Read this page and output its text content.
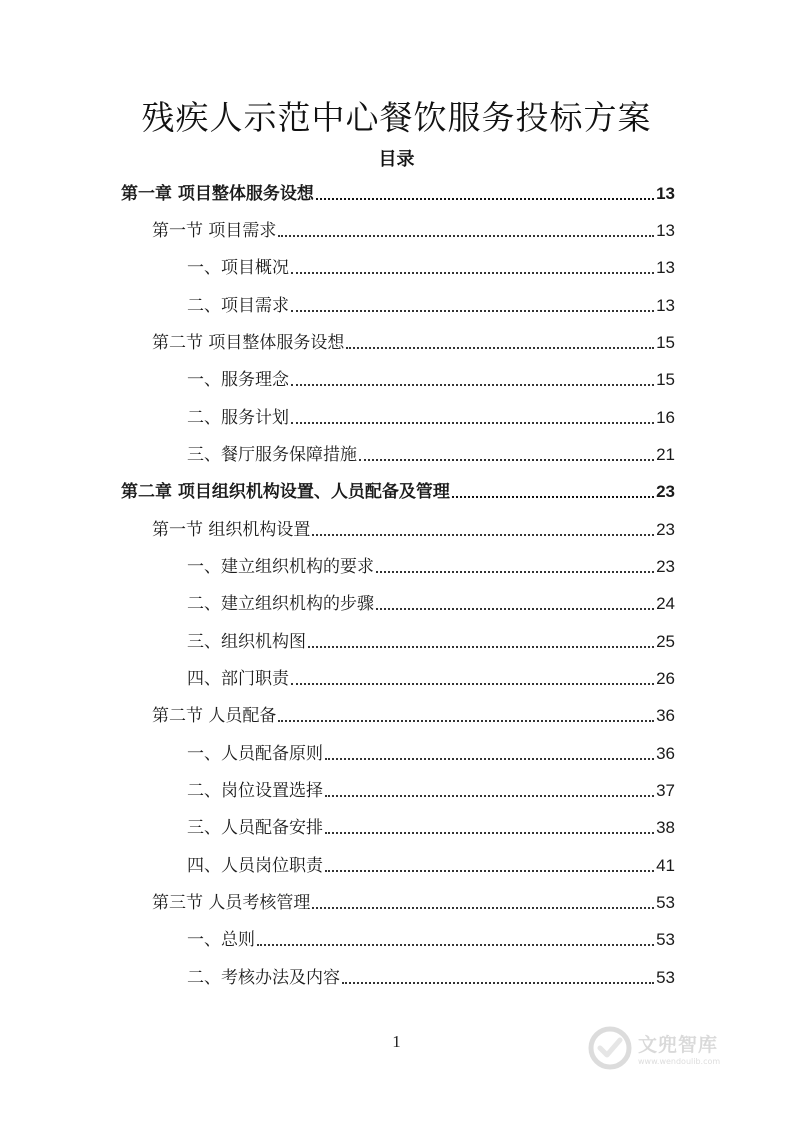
残疾人示范中心餐饮服务投标方案
目录
第一章 项目整体服务设想	13
第一节 项目需求	13
一、项目概况	13
二、项目需求	13
第二节 项目整体服务设想	15
一、服务理念	15
二、服务计划	16
三、餐厅服务保障措施	21
第二章 项目组织机构设置、人员配备及管理	23
第一节 组织机构设置	23
一、建立组织机构的要求	23
二、建立组织机构的步骤	24
三、组织机构图	25
四、部门职责	26
第二节 人员配备	36
一、人员配备原则	36
二、岗位设置选择	37
三、人员配备安排	38
四、人员岗位职责	41
第三节 人员考核管理	53
一、总则	53
二、考核办法及内容	53
1	文兜智库
www.wendoulib.com
